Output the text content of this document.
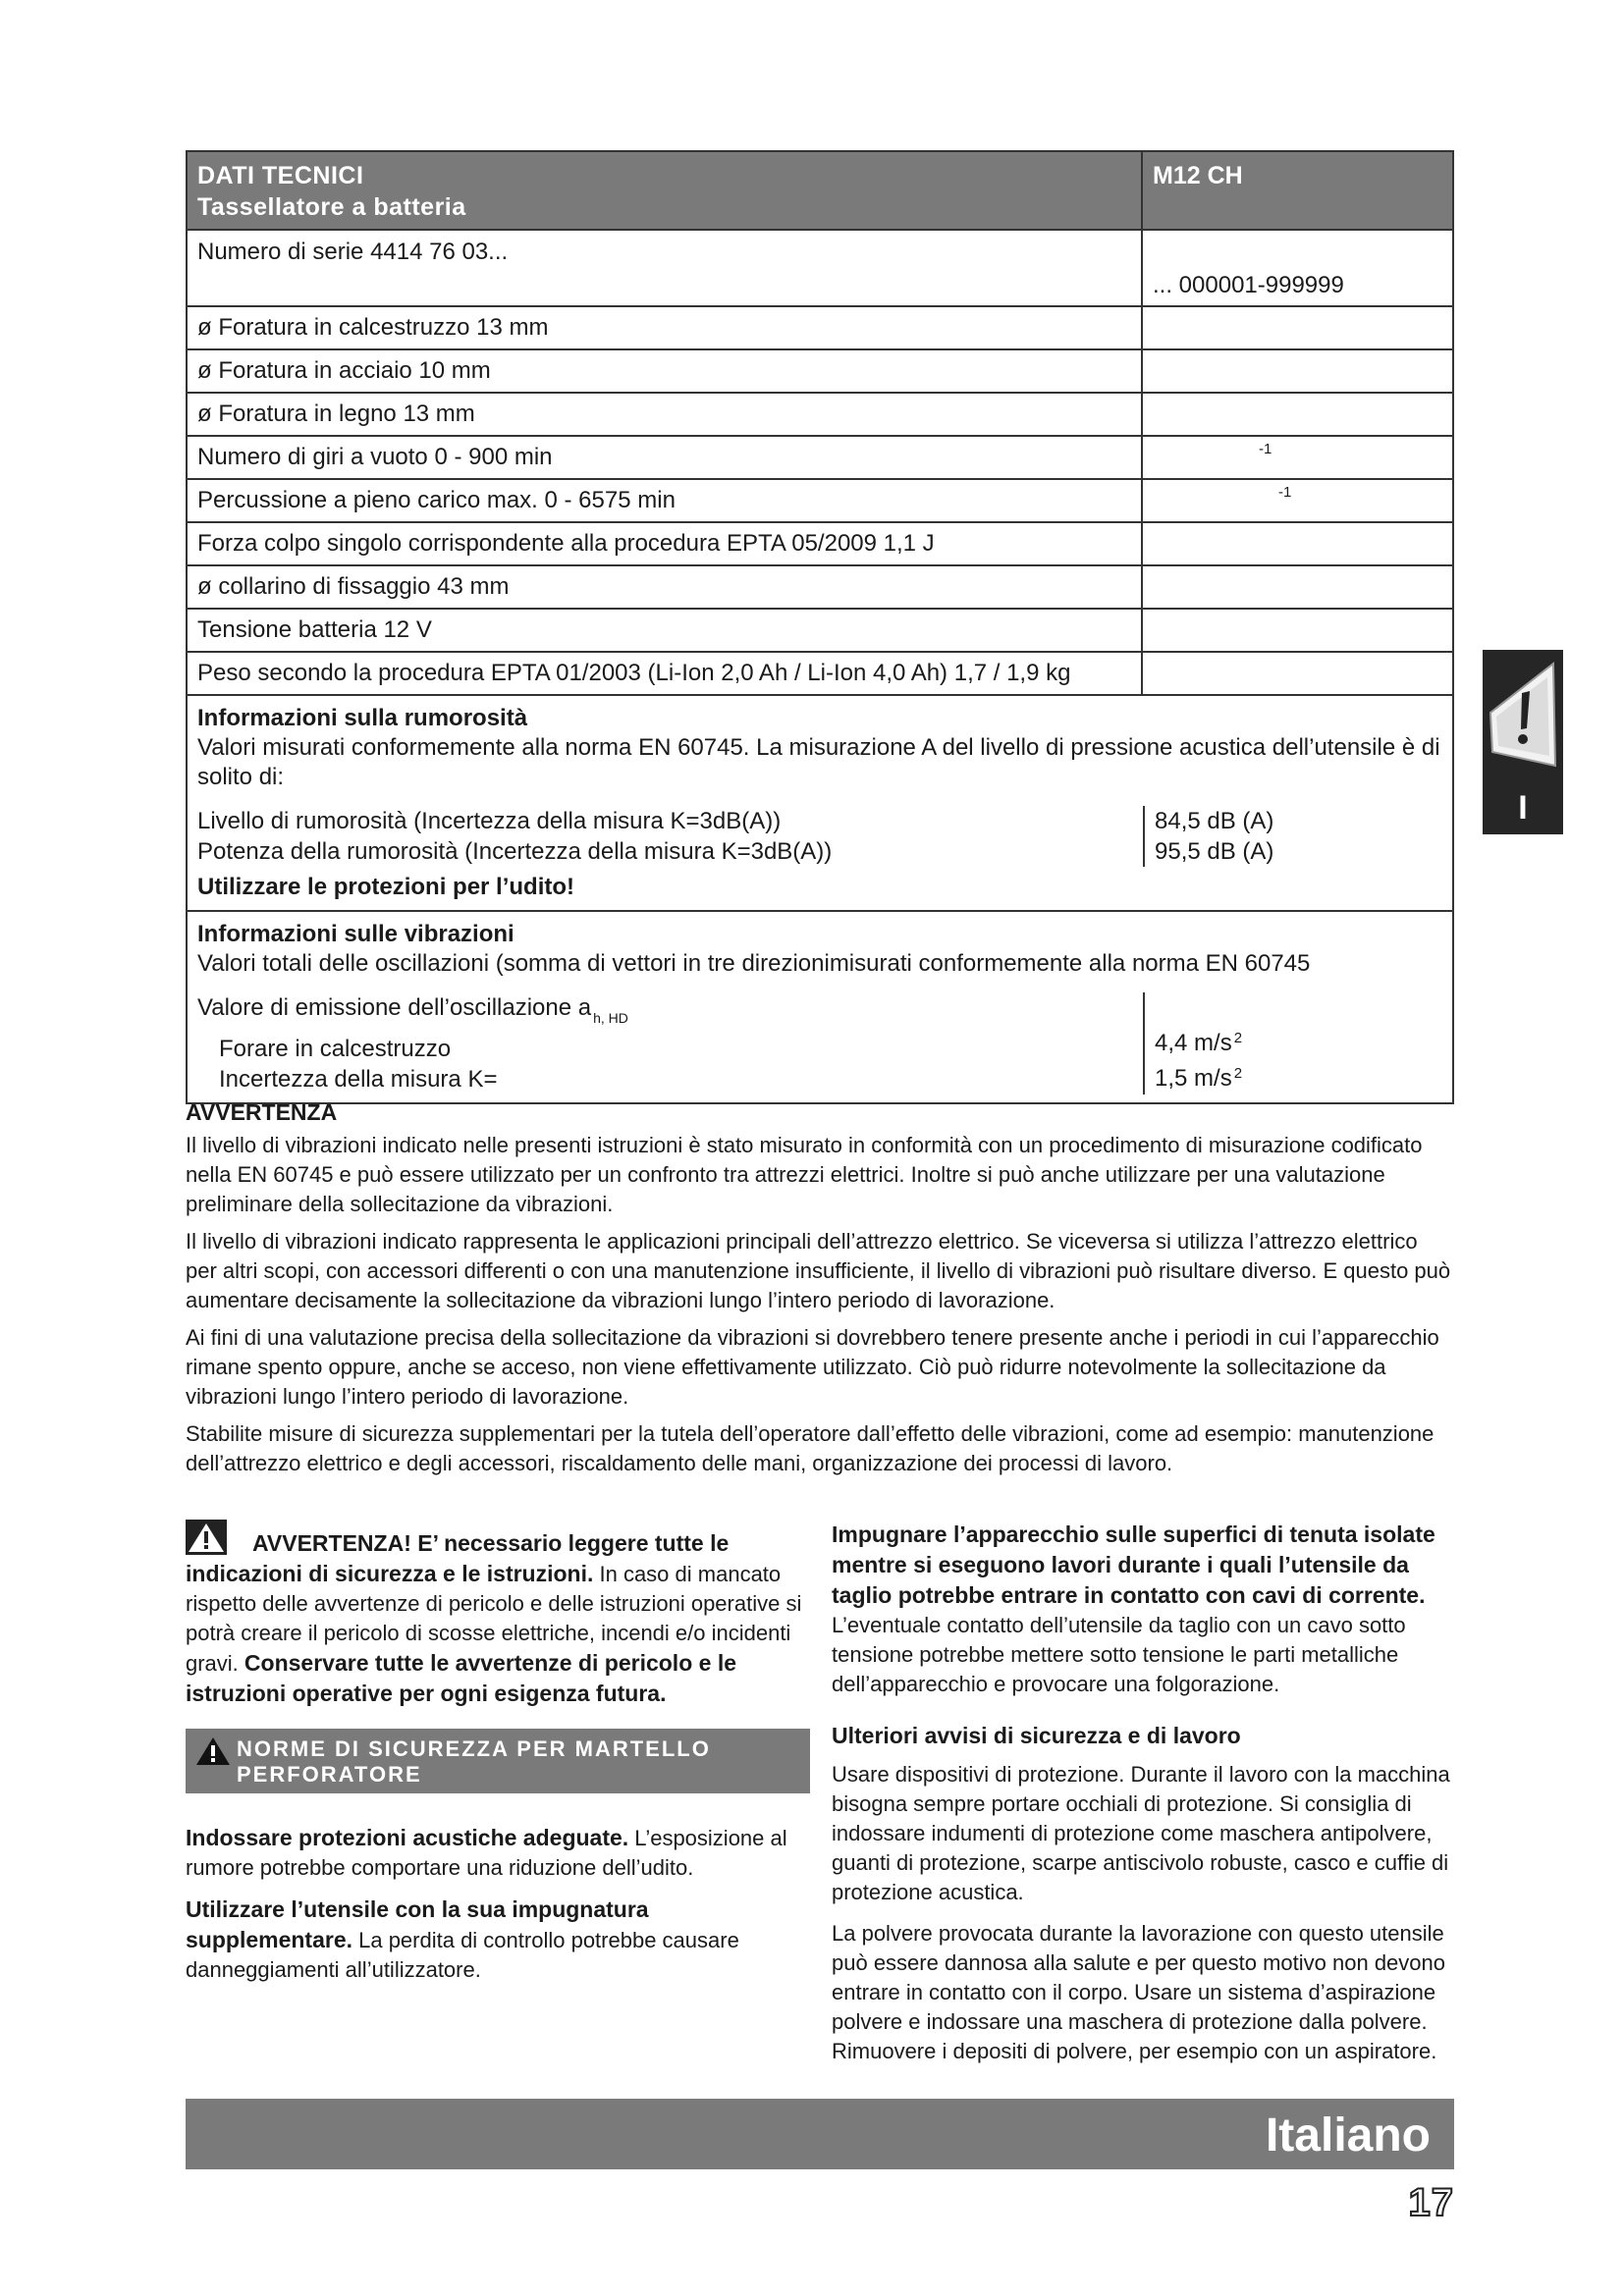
DATI TECNICI
Tassellatore a batteria
M12 CH
Numero di serie 4414 76 03...
... 000001-999999
ø Foratura in calcestruzzo 13 mm
ø Foratura in acciaio 10 mm
ø Foratura in legno 13 mm
Numero di giri a vuoto 0 - 900 min	-1
Percussione a pieno carico max. 0 - 6575 min	-1
Forza colpo singolo corrispondente alla procedura EPTA 05/2009 1,1 J
ø collarino di fissaggio 43 mm
Tensione batteria 12 V
Peso secondo la procedura EPTA 01/2003 (Li-Ion 2,0 Ah / Li-Ion 4,0 Ah) 1,7 / 1,9 kg
Informazioni sulla rumorosità
Valori misurati conformemente alla norma EN 60745. La misurazione A del livello di pressione acustica dell’utensile è di solito di:
Livello di rumorosità (Incertezza della misura K=3dB(A))
Potenza della rumorosità (Incertezza della misura K=3dB(A))
84,5 dB (A)
95,5 dB (A)
Utilizzare le protezioni per l’udito!
Informazioni sulle vibrazioni
Valori totali delle oscillazioni (somma di vettori in tre direzionimisurati conformemente alla norma EN 60745
Valore di emissione dell’oscillazione a $_{h, HD}$
Forare in calcestruzzo
Incertezza della misura K=

4,4 m/s $^2$
1,5 m/s $^2$
I
AVVERTENZA

Il livello di vibrazioni indicato nelle presenti istruzioni è stato misurato in conformità con un procedimento di misurazione codificato nella EN 60745 e può essere utilizzato per un confronto tra attrezzi elettrici. Inoltre si può anche utilizzare per una valutazione preliminare della sollecitazione da vibrazioni.

Il livello di vibrazioni indicato rappresenta le applicazioni principali dell’attrezzo elettrico. Se viceversa si utilizza l’attrezzo elettrico per altri scopi, con accessori differenti o con una manutenzione insufficiente, il livello di vibrazioni può risultare diverso. E questo può aumentare decisamente la sollecitazione da vibrazioni lungo l’intero periodo di lavorazione.

Ai fini di una valutazione precisa della sollecitazione da vibrazioni si dovrebbero tenere presente anche i periodi in cui l’apparecchio rimane spento oppure, anche se acceso, non viene effettivamente utilizzato. Ciò può ridurre notevolmente la sollecitazione da vibrazioni lungo l’intero periodo di lavorazione.

Stabilite misure di sicurezza supplementari per la tutela dell’operatore dall’effetto delle vibrazioni, come ad esempio: manutenzione dell’attrezzo elettrico e degli accessori, riscaldamento delle mani, organizzazione dei processi di lavoro.

AVVERTENZA! E’ necessario leggere tutte le indicazioni di sicurezza e le istruzioni. In caso di mancato rispetto delle avvertenze di pericolo e delle istruzioni operative si potrà creare il pericolo di scosse elettriche, incendi e/o incidenti gravi. Conservare tutte le avvertenze di pericolo e le istruzioni operative per ogni esigenza futura.

NORME DI SICUREZZA PER MARTELLO PERFORATORE

Indossare protezioni acustiche adeguate. L’esposizione al rumore potrebbe comportare una riduzione dell’udito.

Utilizzare l’utensile con la sua impugnatura supplementare. La perdita di controllo potrebbe causare danneggiamenti all’utilizzatore.

Impugnare l’apparecchio sulle superfici di tenuta isolate mentre si eseguono lavori durante i quali l’utensile da taglio potrebbe entrare in contatto con cavi di corrente. L’eventuale contatto dell’utensile da taglio con un cavo sotto tensione potrebbe mettere sotto tensione le parti metalliche dell’apparecchio e provocare una folgorazione.

Ulteriori avvisi di sicurezza e di lavoro

Usare dispositivi di protezione. Durante il lavoro con la macchina bisogna sempre portare occhiali di protezione. Si consiglia di indossare indumenti di protezione come maschera antipolvere, guanti di protezione, scarpe antiscivolo robuste, casco e cuffie di protezione acustica.

La polvere provocata durante la lavorazione con questo utensile può essere dannosa alla salute e per questo motivo non devono entrare in contatto con il corpo. Usare un sistema d’aspirazione polvere e indossare una maschera di protezione dalla polvere. Rimuovere i depositi di polvere, per esempio con un aspiratore.

Italiano
17
